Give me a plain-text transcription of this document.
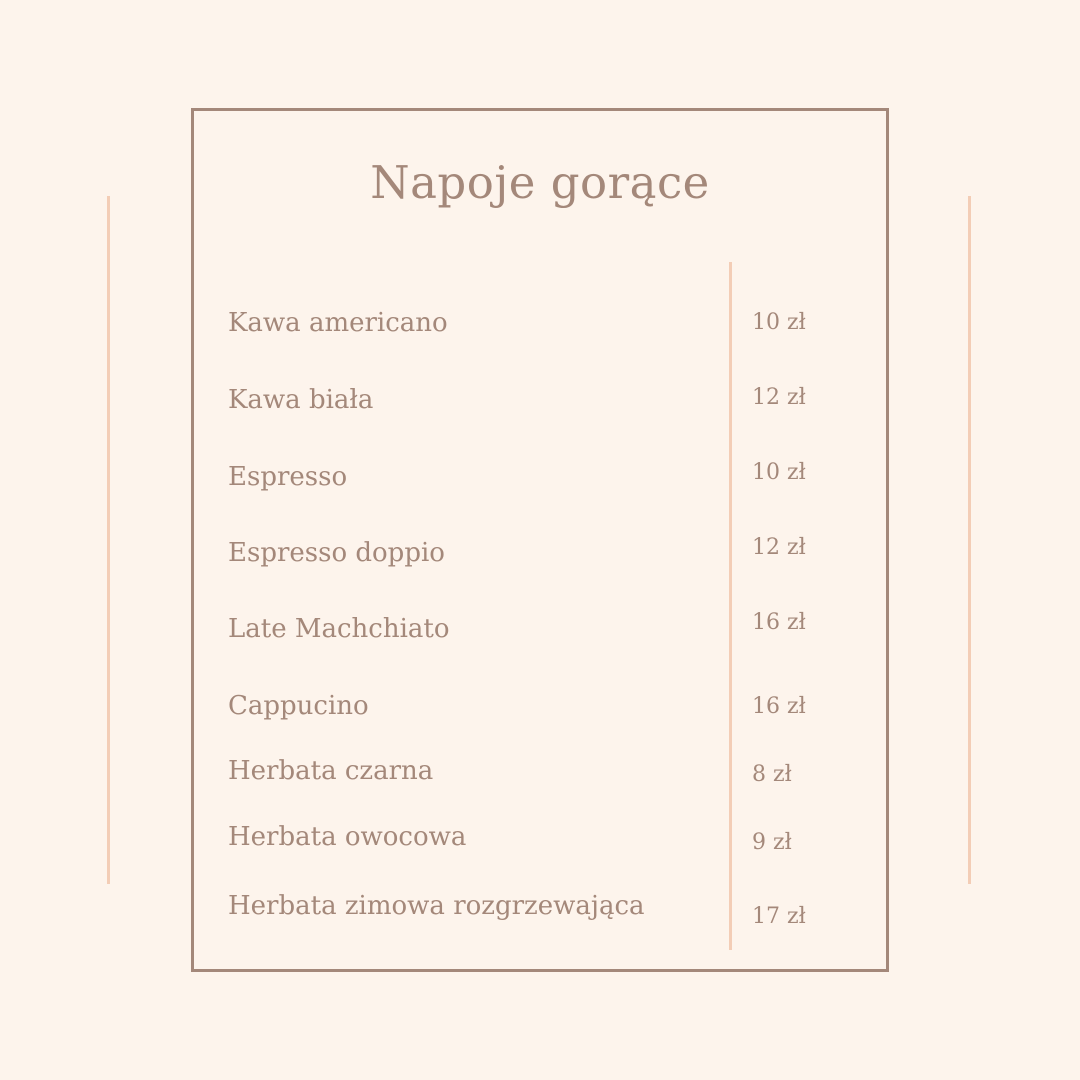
Napoje gorące
Kawa americano	10 zł
Kawa biała	12 zł
Espresso	10 zł
Espresso doppio	12 zł
Late Machchiato	16 zł
Cappucino	16 zł
Herbata czarna	8 zł
Herbata owocowa	9 zł
Herbata zimowa rozgrzewająca	17 zł
